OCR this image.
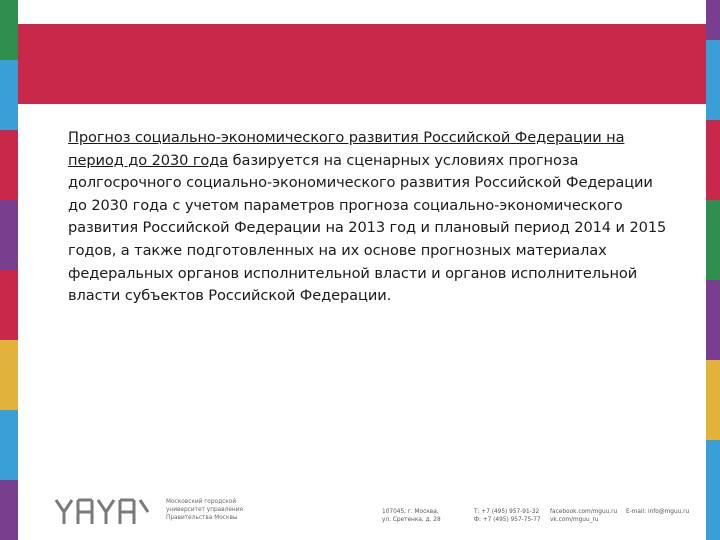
Прогноз социально-экономического развития Российской Федерации на период до 2030 года базируется на сценарных условиях прогноза долгосрочного социально-экономического развития Российской Федерации до 2030 года с учетом параметров прогноза социально-экономического развития Российской Федерации на 2013 год и плановый период 2014 и 2015 годов, а также подготовленных на их основе прогнозных материалах федеральных органов исполнительной власти и органов исполнительной власти субъектов Российской Федерации.
Московский городской
университет управления
Правительства Москвы
107045, г. Москва,
ул. Сретенка, д. 28
Т: +7 (495) 957-91-32
Ф: +7 (495) 957-75-77
facebook.com/mguu.ru
vk.com/mguu_ru
E-mail: info@mguu.ru
